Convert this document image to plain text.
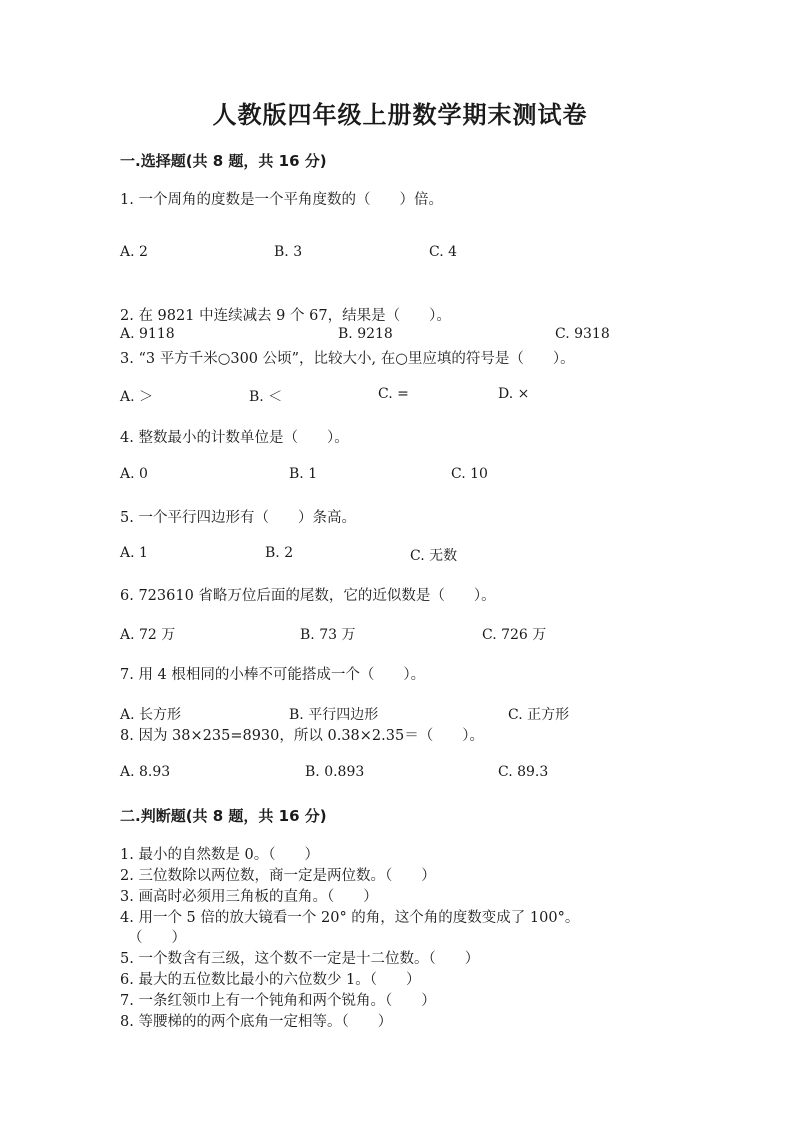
人教版四年级上册数学期末测试卷
一.选择题(共 8 题，共 16 分)
1. 一个周角的度数是一个平角度数的（　　）倍。
A. 2	B. 3	C. 4
2. 在 9821 中连续减去 9 个 67，结果是（　　）。
A. 9118	B. 9218	C. 9318
3. “3 平方千米○300 公顷”，比较大小, 在○里应填的符号是（　　）。
A. ＞	B. ＜	C. =	D. ×
4. 整数最小的计数单位是（　　）。
A. 0	B. 1	C. 10
5. 一个平行四边形有（　　）条高。
A. 1	B. 2	C. 无数
6. 723610 省略万位后面的尾数，它的近似数是（　　）。
A. 72 万	B. 73 万	C. 726 万
7. 用 4 根相同的小棒不可能搭成一个（　　）。
A. 长方形	B. 平行四边形	C. 正方形
8. 因为 38×235=8930，所以 0.38×2.35＝（　　）。
A. 8.93	B. 0.893	C. 89.3
二.判断题(共 8 题，共 16 分)
1. 最小的自然数是 0。（　　）
2. 三位数除以两位数，商一定是两位数。（　　）
3. 画高时必须用三角板的直角。（　　）
4. 用一个 5 倍的放大镜看一个 20° 的角，这个角的度数变成了 100°。
（　　）
5. 一个数含有三级，这个数不一定是十二位数。（　　）
6. 最大的五位数比最小的六位数少 1。（　　）
7. 一条红领巾上有一个钝角和两个锐角。（　　）
8. 等腰梯的的两个底角一定相等。（　　）
